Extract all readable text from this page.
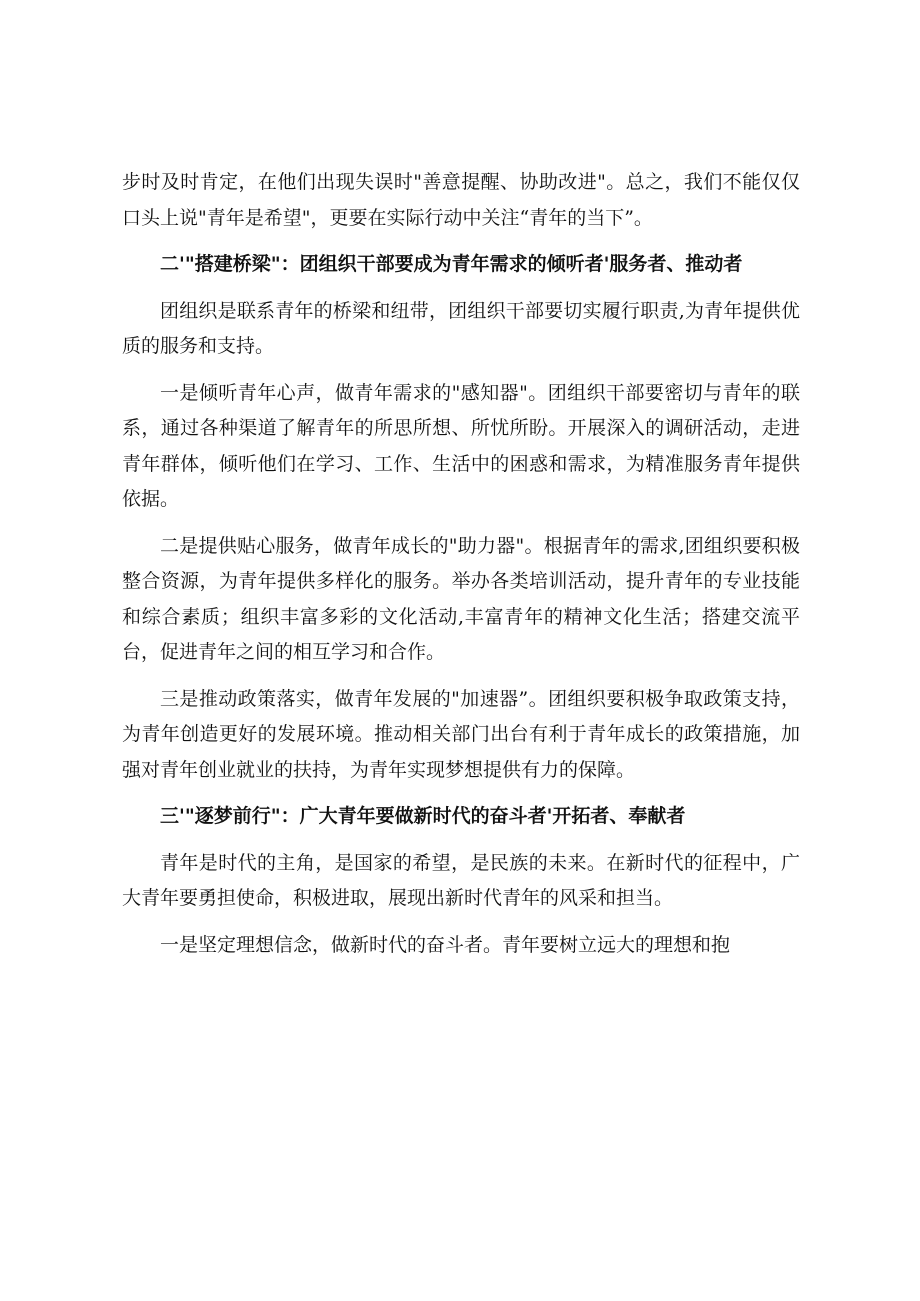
步时及时肯定，在他们出现失误时"善意提醒、协助改进"。总之，我们不能仅仅口头上说"青年是希望"，更要在实际行动中关注“青年的当下”。

二'"搭建桥梁"：团组织干部要成为青年需求的倾听者'服务者、推动者

团组织是联系青年的桥梁和纽带，团组织干部要切实履行职责,为青年提供优质的服务和支持。

一是倾听青年心声，做青年需求的"感知器"。团组织干部要密切与青年的联系，通过各种渠道了解青年的所思所想、所忧所盼。开展深入的调研活动，走进青年群体，倾听他们在学习、工作、生活中的困惑和需求，为精准服务青年提供依据。

二是提供贴心服务，做青年成长的"助力器"。根据青年的需求,团组织要积极整合资源，为青年提供多样化的服务。举办各类培训活动，提升青年的专业技能和综合素质；组织丰富多彩的文化活动,丰富青年的精神文化生活；搭建交流平台，促进青年之间的相互学习和合作。

三是推动政策落实，做青年发展的"加速器”。团组织要积极争取政策支持，为青年创造更好的发展环境。推动相关部门出台有利于青年成长的政策措施，加强对青年创业就业的扶持，为青年实现梦想提供有力的保障。

三'"逐梦前行"：广大青年要做新时代的奋斗者'开拓者、奉献者

青年是时代的主角，是国家的希望，是民族的未来。在新时代的征程中，广大青年要勇担使命，积极进取，展现出新时代青年的风采和担当。

一是坚定理想信念，做新时代的奋斗者。青年要树立远大的理想和抱
